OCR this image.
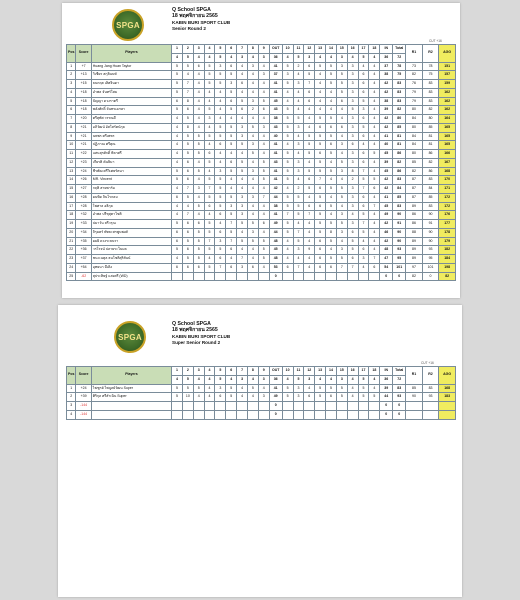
SPGA
Q School SPGA
18 พฤศจิกายน 2565
KABIN BURI SPORT CLUB
Senior Round 2
CUT +16
Pos	Score	Players	1	2	3	4	5	6	7	8	9	OUT	10	11	12	13	14	15	16	17	18	IN	Total	R1	R2	AGG
			4	5	4	4	5	4	3	4	3	36	4	5	3	4	4	3	4	5	4	36	72			
1	+7	Huang Jang Huan Taylor	5	5	6	5	3	6	4	3	4	41	5	2	6	5	5	3	3	4	4	37	78	73	78	151
2	+13	วิเชียร สกุลินนท์	5	4	4	5	5	5	4	4	3	37	3	4	5	4	5	5	3	6	4	38	75	82	75	157
3	+15	ธนกฤต เลิศจินดา	5	7	4	5	5	3	6	4	4	41	5	3	7	4	5	5	3	6	4	42	83	76	83	159
4	+18	อำพล จันทร์โสม	5	7	4	4	4	5	4	4	4	41	4	4	6	4	4	5	3	6	4	42	83	79	83	162
5	+18	ปัญญา ดวงราตรี	6	8	4	4	4	6	5	3	5	45	4	4	6	4	4	6	3	5	4	38	83	79	83	162
6	+18	พลังศักดิ์ จันทรเอกษา	5	6	4	5	4	5	6	2	6	43	5	4	4	4	4	4	5	3	4	39	82	80	82	162
7	+20	ศรีสุทัศ วรรณดี	4	5	4	3	4	4	4	4	4	38	5	5	4	5	5	4	3	6	4	42	80	84	80	164
8	+21	อภิวัฒน์ อัสโสรัตน์กุล	4	8	4	4	5	5	3	5	3	43	5	3	4	6	6	6	3	5	4	42	85	80	85	165
9	+21	นพพร ศรีเพชร	4	5	5	5	5	5	3	4	4	40	5	4	5	5	5	4	3	6	4	41	81	84	81	165
10	+21	ปฏิภาณ ศรีคุณ	4	5	5	4	6	5	5	3	4	41	4	3	5	5	6	3	6	4	4	40	81	84	81	165
11	+22	แสนสุรศักดิ์ พิลาศรี	4	5	5	6	4	4	4	5	4	41	5	4	5	6	5	4	3	6	5	45	86	80	86	166
12	+23	เกียรติ คันธิมา	4	6	4	5	4	6	5	4	5	43	5	3	4	5	4	5	3	6	4	39	82	85	82	167
13	+24	ชีรพัฒ ศรีวิเศษรัตนา	5	6	5	4	3	5	5	3	5	41	5	3	5	5	5	3	8	7	4	45	86	82	86	168
14	+26	MR. Vincent	5	6	4	5	5	4	4	4	5	41	5	4	6	7	4	4	2	5	5	42	83	87	83	170
15	+27	กฤติ สายพาร์ม	4	7	3	7	5	4	4	4	4	42	4	2	5	6	5	5	3	7	6	42	84	87	84	171
16	+28	ผนขิด จินโรกลม	6	5	4	5	5	5	3	3	7	44	5	5	4	5	4	5	3	6	4	41	85	87	85	172
17	+28	โพศาล อธิกุล	4	4	5	6	5	3	3	4	4	38	5	5	6	6	5	4	3	6	7	45	83	89	83	172
18	+32	อำพล ปรีชุสุตาโขติ	4	7	4	4	6	5	3	4	4	41	7	5	7	5	4	3	4	5	4	49	90	86	90	176
19	+33	ปมาวัน สรีวรุณ	5	6	6	5	4	7	5	5	6	49	5	4	4	5	5	5	3	7	4	42	91	86	91	177
20	+34	จิรุมตร์ พัทธะสรพูนพงศ์	6	6	5	5	6	5	4	3	4	44	5	7	4	5	8	3	6	5	4	46	90	88	90	178
21	+35	ผมยิ ดวงระธนรา	6	5	5	7	3	7	5	5	5	48	4	5	4	6	5	4	5	4	4	42	90	89	90	179
22	+36	วรโรจน์ ปลายระโนมล	5	6	5	5	5	6	4	4	5	45	4	3	9	6	4	3	5	6	4	48	93	89	93	182
23	+37	ชนะเนตุล ธนโชติสุริสันน์	4	5	5	4	6	4	7	4	5	48	4	4	4	6	5	5	6	3	7	47	95	89	95	184
24	+54	อุทยนา มีเดิง	6	6	6	5	7	6	3	6	4	53	6	7	4	6	6	7	7	4	6	54	101	97	101	198
25	-62	สุประสิษฐ์ แสงศรี (WD)										0										0	0	82	0	82
SPGA
Q School SPGA
18 พฤศจิกายน 2565
KABIN BURI SPORT CLUB
Super Senior Round 2
CUT +16
Pos	Score	Players	1	2	3	4	5	6	7	8	9	OUT	10	11	12	13	14	15	16	17	18	IN	Total	R1	R2	AGG
			4	5	4	4	5	4	3	4	3	36	4	5	3	4	4	3	4	5	4	36	72			
1	+24	ไพฑูรย์ ไพบูลย์วัฒน Super	5	5	5	4	3	5	4	5	4	41	5	3	4	5	5	5	4	5	4	39	83	85	83	168
2	+39	ศิริกุล ศรีสำเนิน Super	5	10	4	4	6	5	4	4	3	49	5	3	6	5	6	5	4	5	5	44	93	90	93	183
3	-144											0										0	0			
4	-144											0										0	0			
